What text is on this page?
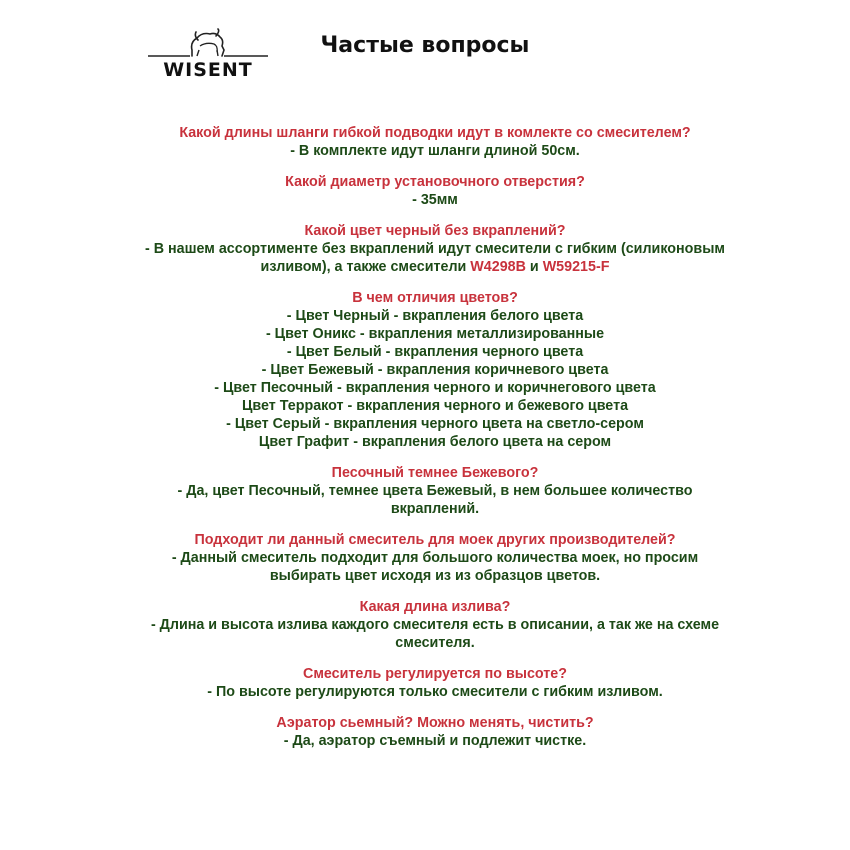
WISENT
Частые вопросы
Какой длины шланги гибкой подводки идут в комлекте со смесителем?
- В комплекте идут шланги длиной 50см.
Какой диаметр установочного отверстия?
- 35мм
Какой цвет черный без вкраплений?
- В нашем ассортименте без вкраплений идут смесители с гибким (силиконовым
изливом), а также смесители W4298B и W59215-F
В чем отличия цветов?
- Цвет Черный - вкрапления белого цвета
- Цвет Оникс - вкрапления металлизированные
- Цвет Белый - вкрапления черного цвета
- Цвет Бежевый - вкрапления коричневого цвета
- Цвет Песочный - вкрапления черного и коричнегового цвета
Цвет Терракот - вкрапления черного и бежевого цвета
- Цвет Серый - вкрапления черного цвета на светло-сером
Цвет Графит - вкрапления белого цвета на сером
Песочный темнее Бежевого?
- Да, цвет Песочный, темнее цвета Бежевый, в нем большее количество
вкраплений.
Подходит ли данный смеситель для моек других производителей?
- Данный смеситель подходит для большого количества моек, но просим
выбирать цвет исходя из из образцов цветов.
Какая длина излива?
- Длина и высота излива каждого смесителя есть в описании, а так же на схеме
смесителя.
Смеситель регулируется по высоте?
- По высоте регулируются только смесители с гибким изливом.
Аэратор сьемный? Можно менять, чистить?
- Да, аэратор съемный и подлежит чистке.
